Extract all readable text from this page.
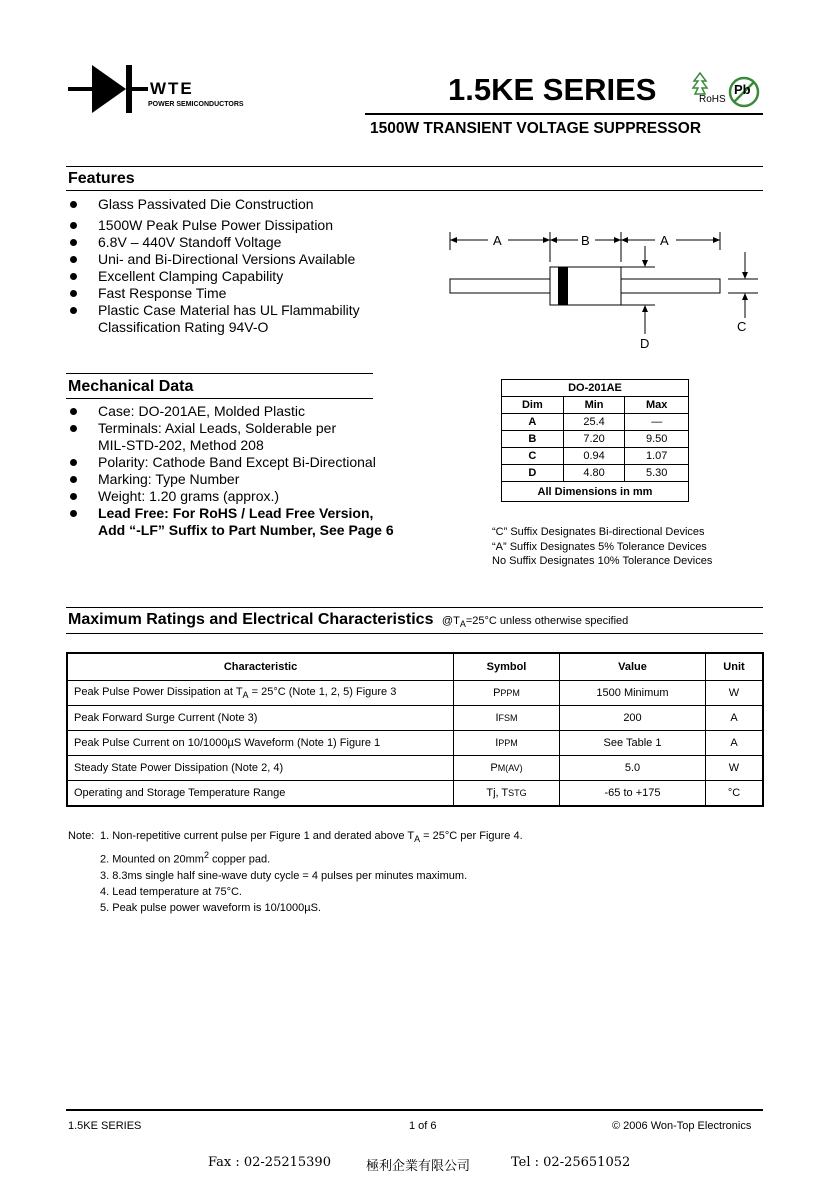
WTE
POWER SEMICONDUCTORS	1.5KE SERIES	RoHS
Pb
1500W TRANSIENT VOLTAGE SUPPRESSOR
Features
Glass Passivated Die Construction
1500W Peak Pulse Power Dissipation
6.8V – 440V Standoff Voltage
Uni- and Bi-Directional Versions Available
Excellent Clamping Capability
Fast Response Time
Plastic Case Material has UL Flammability
Classification Rating 94V-O
A	B	A
C
D
DO-201AE		
Dim	Min	Max
A	25.4	—
B	7.20	9.50
C	0.94	1.07
D	4.80	5.30
All Dimensions in mm		
Mechanical Data
Case: DO-201AE, Molded Plastic
Terminals: Axial Leads, Solderable per
MIL-STD-202, Method 208
Polarity: Cathode Band Except Bi-Directional
Marking: Type Number
Weight: 1.20 grams (approx.)
Lead Free: For RoHS / Lead Free Version,
Add “-LF” Suffix to Part Number, See Page 6	“C” Suffix Designates Bi-directional Devices
“A” Suffix Designates 5% Tolerance Devices
No Suffix Designates 10% Tolerance Devices
Maximum Ratings and Electrical Characteristics $@T_A=25^\circ C$ unless otherwise specified
Characteristic	Symbol	Value	Unit
Peak Pulse Power Dissipation at $T_A = 25^\circ C$ (Note 1, 2, 5) Figure 3	PPPM	1500 Minimum	W
Peak Forward Surge Current (Note 3)	IFSM	200	A
Peak Pulse Current on 10/1000µS Waveform (Note 1) Figure 1	IPPM	See Table 1	A
Steady State Power Dissipation (Note 2, 4)	PM(AV)	5.0	W
Operating and Storage Temperature Range	Tj, TSTG	-65 to +175	°C
Note: 1. Non-repetitive current pulse per Figure 1 and derated above $T_A = 25^\circ C$ per Figure 4.
2. Mounted on $20mm^2$ copper pad.
3. 8.3ms single half sine-wave duty cycle = 4 pulses per minutes maximum.
4. Lead temperature at 75°C.
5. Peak pulse power waveform is 10/1000µS.
1.5KE SERIES	1 of 6	© 2006 Won-Top Electronics
Fax : 02-25215390	極利企業有限公司	Tel : 02-25651052
